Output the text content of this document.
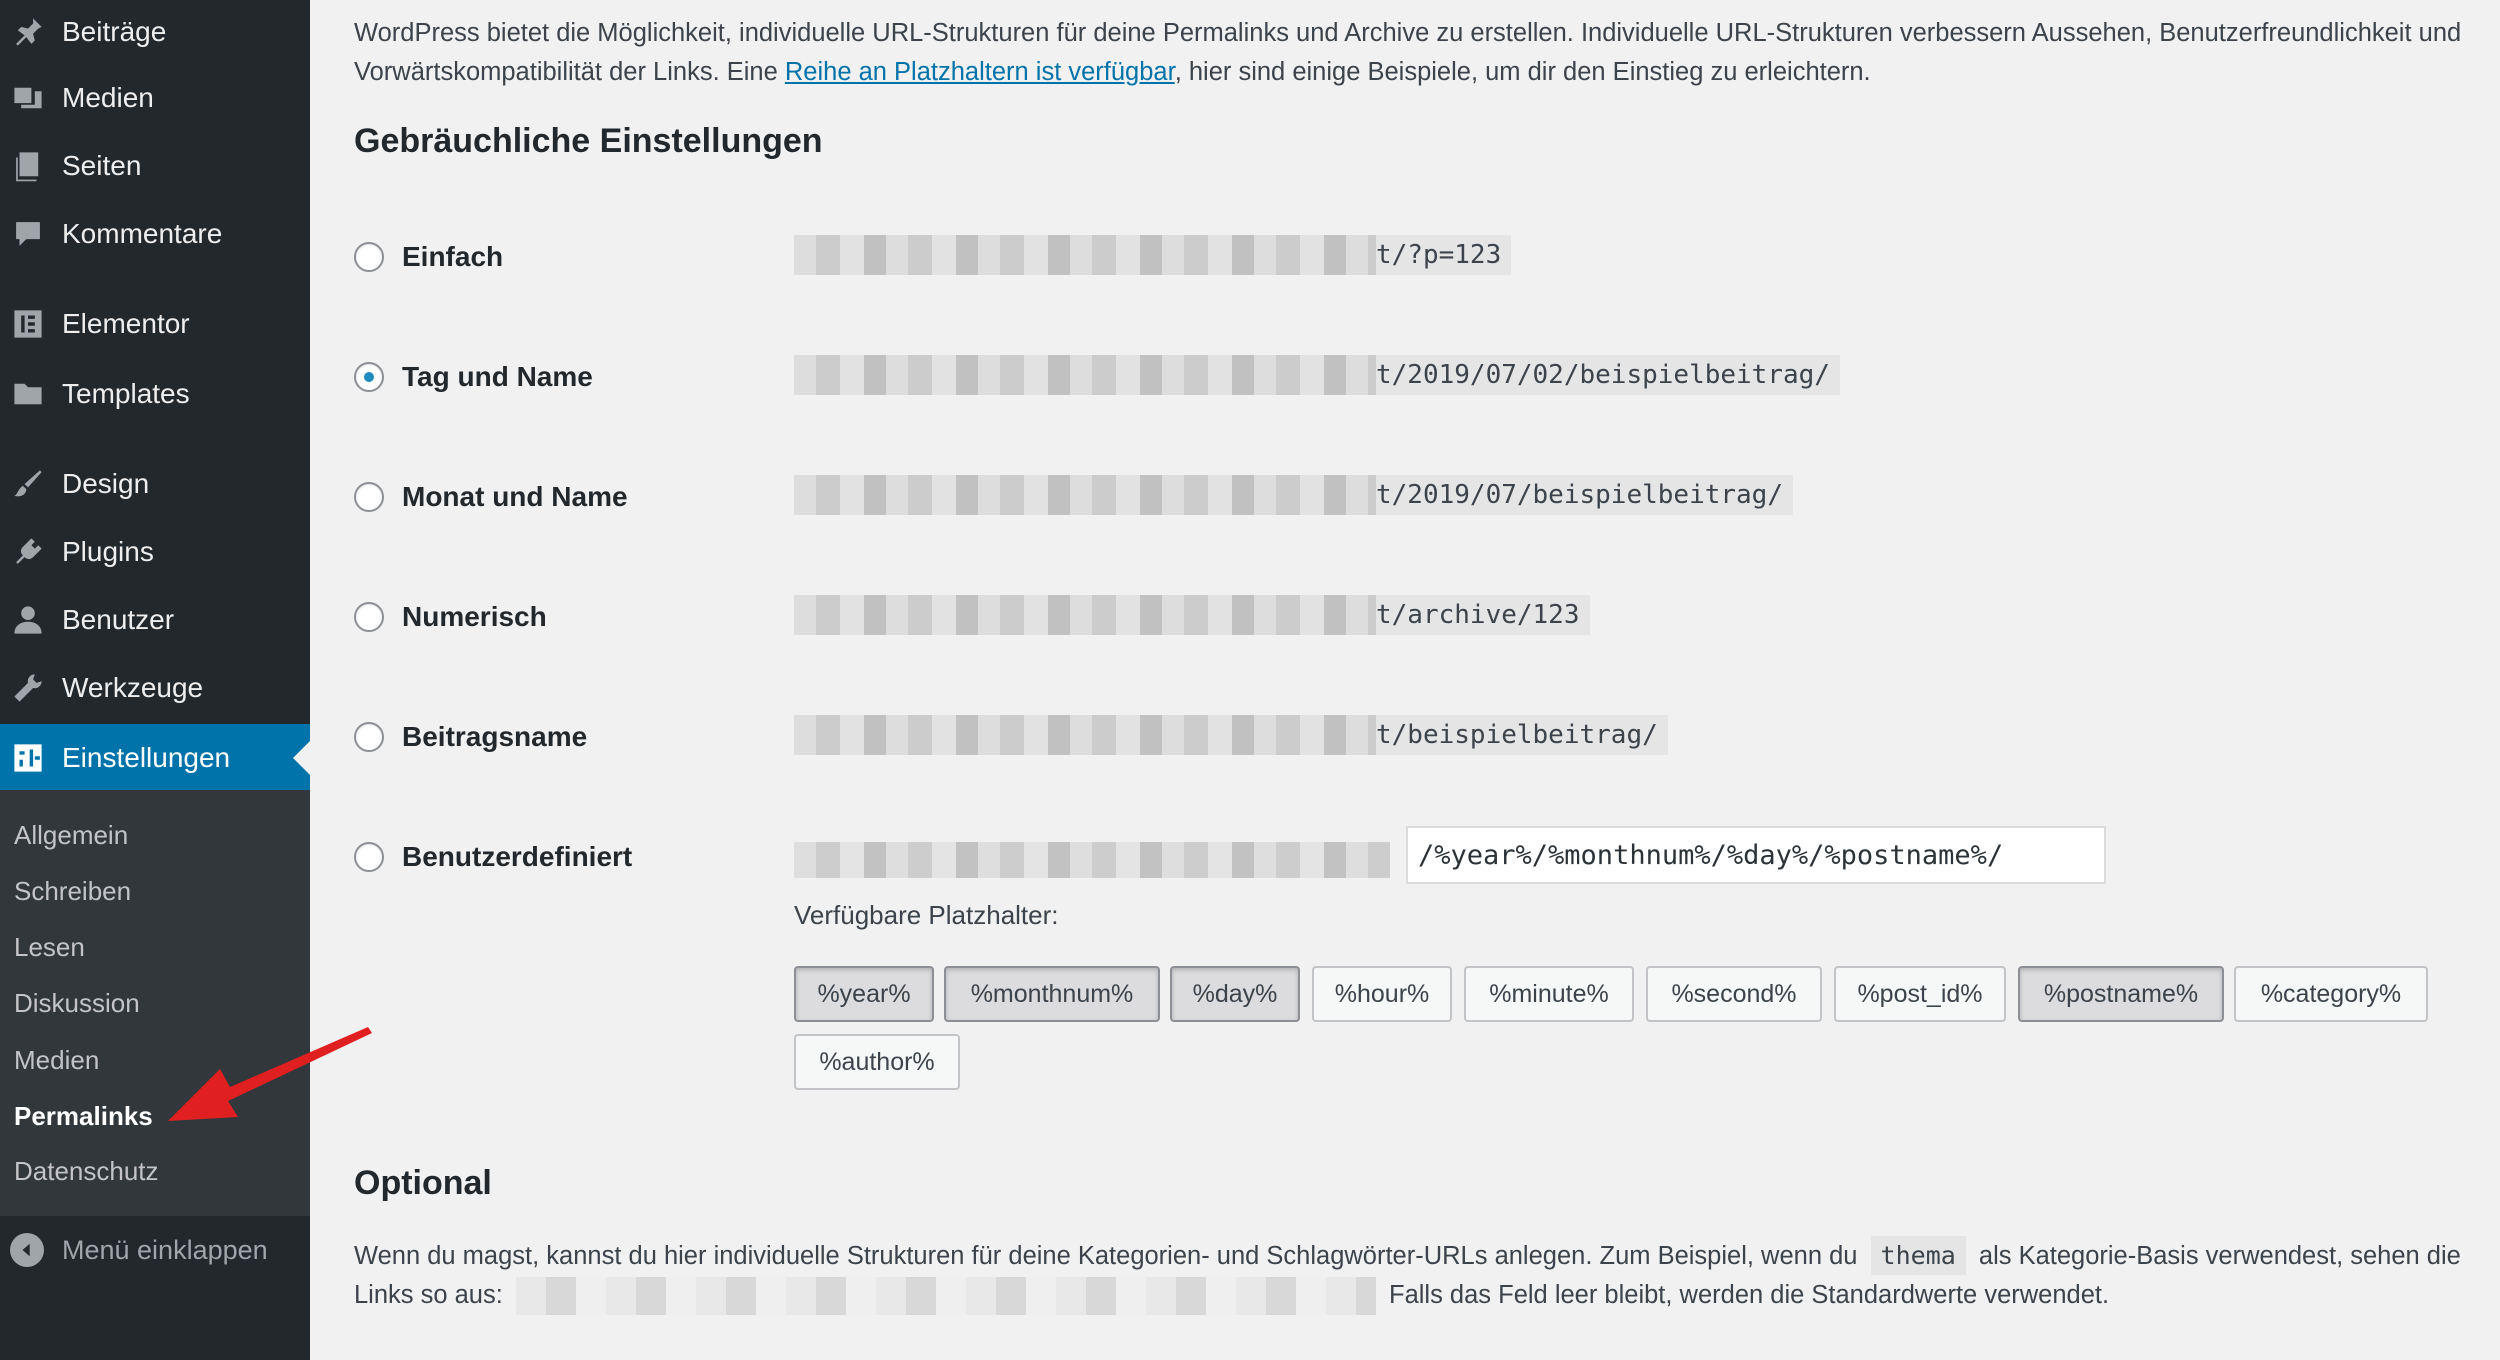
Beiträge
Medien
Seiten
Kommentare
Elementor
Templates
Design
Plugins
Benutzer
Werkzeuge
Einstellungen
Allgemein
Schreiben
Lesen
Diskussion
Medien
Permalinks
Datenschutz
Menü einklappen

WordPress bietet die Möglichkeit, individuelle URL-Strukturen für deine Permalinks und Archive zu erstellen. Individuelle URL-Strukturen verbessern Aussehen, Benutzerfreundlichkeit und Vorwärtskompatibilität der Links. Eine Reihe an Platzhaltern ist verfügbar, hier sind einige Beispiele, um dir den Einstieg zu erleichtern.

Gebräuchliche Einstellungen
Einfach	t/?p=123
Tag und Name	t/2019/07/02/beispielbeitrag/
Monat und Name	t/2019/07/beispielbeitrag/
Numerisch	t/archive/123
Beitragsname	t/beispielbeitrag/
Benutzerdefiniert	/%year%/%monthnum%/%day%/%postname%/
Verfügbare Platzhalter:
%year%	%monthnum%	%day%	%hour%	%minute%	%second%	%post_id%	%postname%	%category%
%author%
Optional

Wenn du magst, kannst du hier individuelle Strukturen für deine Kategorien- und Schlagwörter-URLs anlegen. Zum Beispiel, wenn du thema als Kategorie-Basis verwendest, sehen die Links so aus:	Falls das Feld leer bleibt, werden die Standardwerte verwendet.
